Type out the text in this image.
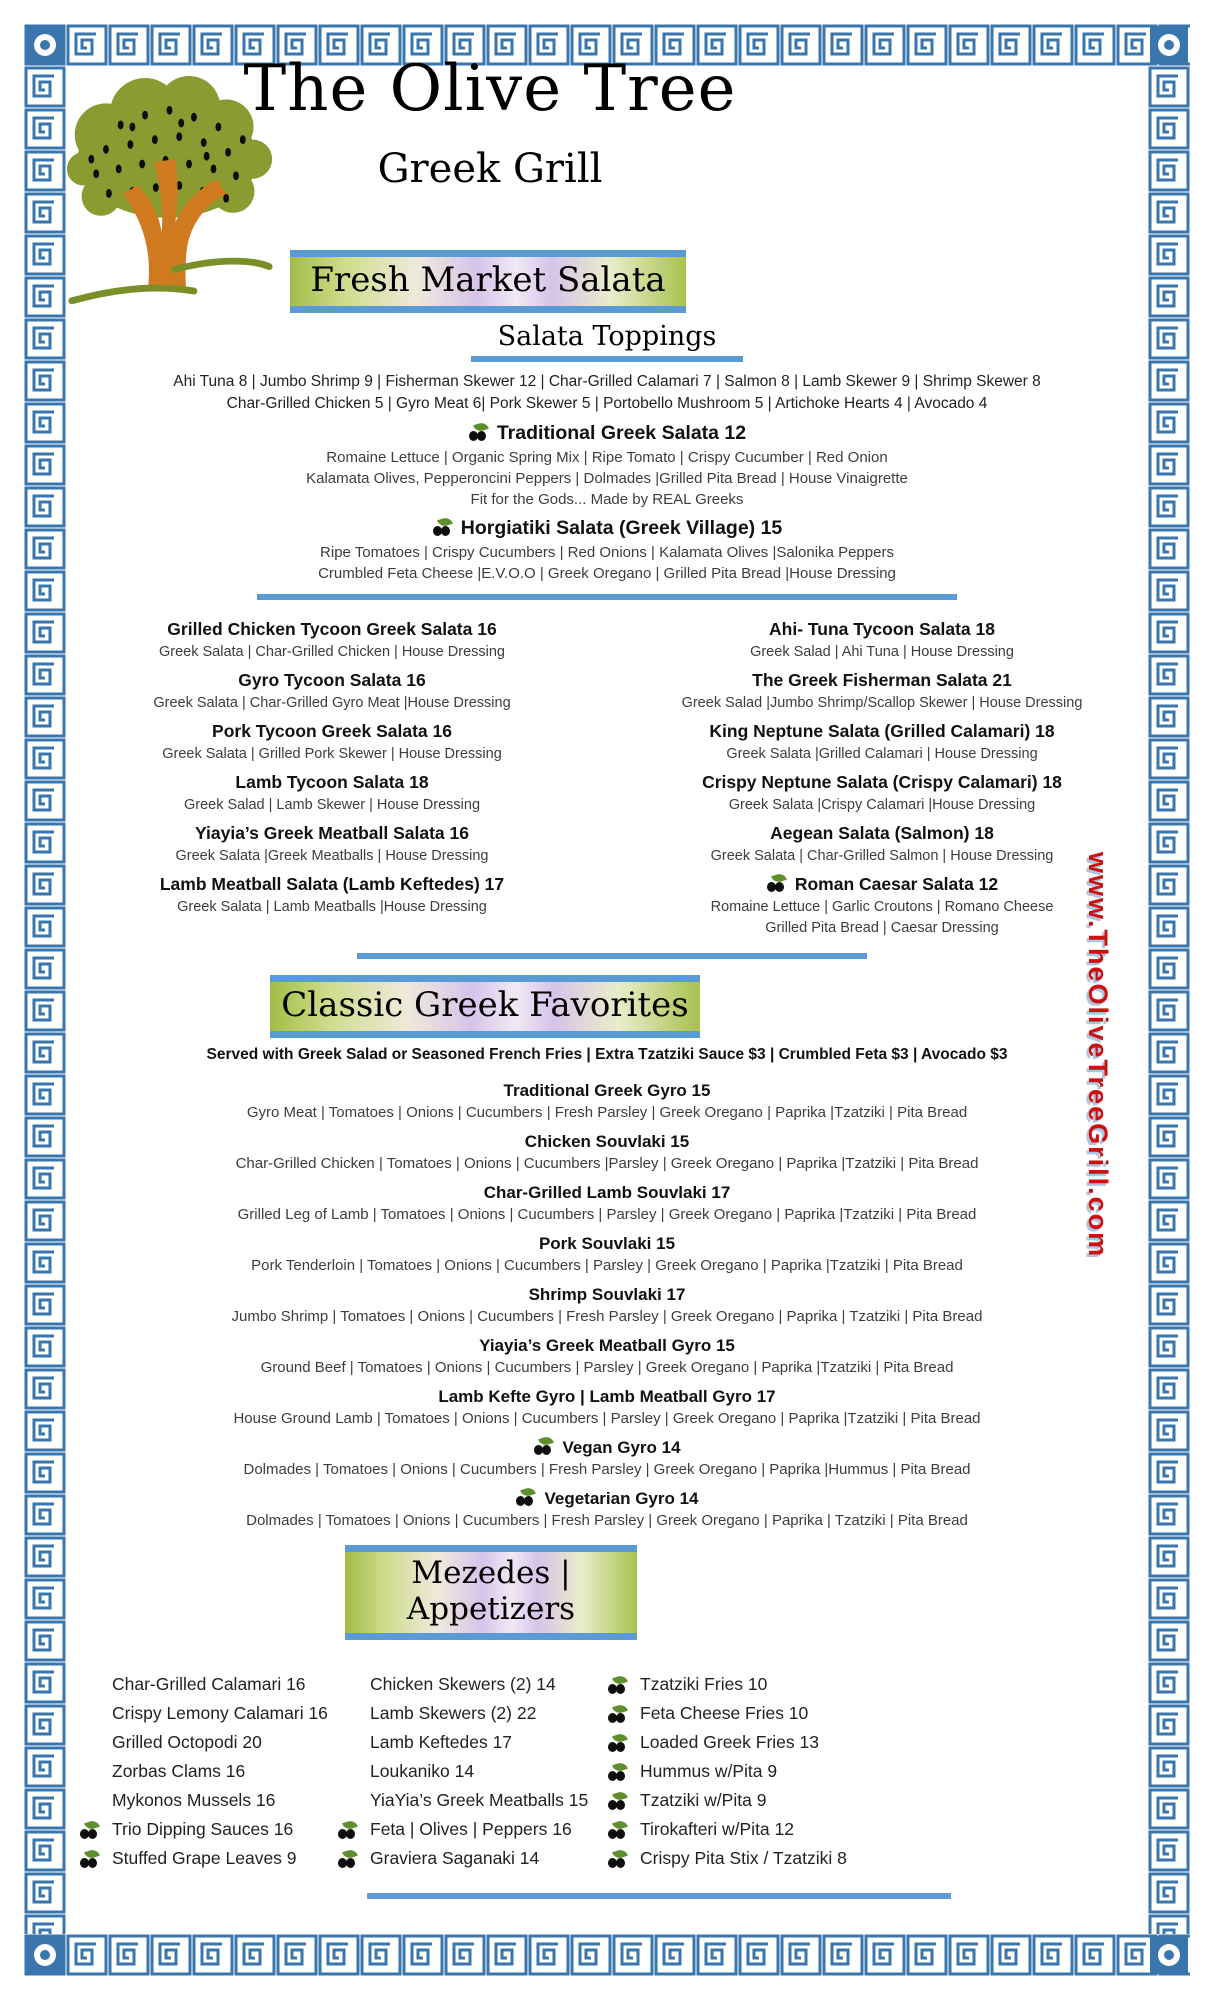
The Olive Tree
Greek Grill
www.TheOliveTreeGrill.com
Fresh Market Salata
Salata Toppings
Ahi Tuna 8 | Jumbo Shrimp 9 | Fisherman Skewer 12 | Char-Grilled Calamari 7 | Salmon 8 | Lamb Skewer 9 | Shrimp Skewer 8
Char-Grilled Chicken 5 | Gyro Meat 6| Pork Skewer 5 | Portobello Mushroom 5 | Artichoke Hearts 4 | Avocado 4
Traditional Greek Salata 12
Romaine Lettuce | Organic Spring Mix | Ripe Tomato | Crispy Cucumber | Red Onion
Kalamata Olives, Pepperoncini Peppers | Dolmades |Grilled Pita Bread | House Vinaigrette
Fit for the Gods... Made by REAL Greeks
Horgiatiki Salata (Greek Village) 15
Ripe Tomatoes | Crispy Cucumbers | Red Onions | Kalamata Olives |Salonika Peppers
Crumbled Feta Cheese |E.V.O.O | Greek Oregano | Grilled Pita Bread |House Dressing
Grilled Chicken Tycoon Greek Salata 16
Greek Salata | Char-Grilled Chicken | House Dressing
Gyro Tycoon Salata 16
Greek Salata | Char-Grilled Gyro Meat |House Dressing
Pork Tycoon Greek Salata 16
Greek Salata | Grilled Pork Skewer | House Dressing
Lamb Tycoon Salata 18
Greek Salad | Lamb Skewer | House Dressing
Yiayia’s Greek Meatball Salata 16
Greek Salata |Greek Meatballs | House Dressing
Lamb Meatball Salata (Lamb Keftedes) 17
Greek Salata | Lamb Meatballs |House Dressing
Ahi- Tuna Tycoon Salata 18
Greek Salad | Ahi Tuna | House Dressing
The Greek Fisherman Salata 21
Greek Salad |Jumbo Shrimp/Scallop Skewer | House Dressing
King Neptune Salata (Grilled Calamari) 18
Greek Salata |Grilled Calamari | House Dressing
Crispy Neptune Salata (Crispy Calamari) 18
Greek Salata |Crispy Calamari |House Dressing
Aegean Salata (Salmon) 18
Greek Salata | Char-Grilled Salmon | House Dressing
Roman Caesar Salata 12
Romaine Lettuce | Garlic Croutons | Romano Cheese
Grilled Pita Bread | Caesar Dressing
Classic Greek Favorites
Served with Greek Salad or Seasoned French Fries | Extra Tzatziki Sauce $3 | Crumbled Feta $3 | Avocado $3
Traditional Greek Gyro 15
Gyro Meat | Tomatoes | Onions | Cucumbers | Fresh Parsley | Greek Oregano | Paprika |Tzatziki | Pita Bread
Chicken Souvlaki 15
Char-Grilled Chicken | Tomatoes | Onions | Cucumbers |Parsley | Greek Oregano | Paprika |Tzatziki | Pita Bread
Char-Grilled Lamb Souvlaki 17
Grilled Leg of Lamb | Tomatoes | Onions | Cucumbers | Parsley | Greek Oregano | Paprika |Tzatziki | Pita Bread
Pork Souvlaki 15
Pork Tenderloin | Tomatoes | Onions | Cucumbers | Parsley | Greek Oregano | Paprika |Tzatziki | Pita Bread
Shrimp Souvlaki 17
Jumbo Shrimp | Tomatoes | Onions | Cucumbers | Fresh Parsley | Greek Oregano | Paprika | Tzatziki | Pita Bread
Yiayia’s Greek Meatball Gyro 15
Ground Beef | Tomatoes | Onions | Cucumbers | Parsley | Greek Oregano | Paprika |Tzatziki | Pita Bread
Lamb Kefte Gyro | Lamb Meatball Gyro 17
House Ground Lamb | Tomatoes | Onions | Cucumbers | Parsley | Greek Oregano | Paprika |Tzatziki | Pita Bread
Vegan Gyro 14
Dolmades | Tomatoes | Onions | Cucumbers | Fresh Parsley | Greek Oregano | Paprika |Hummus | Pita Bread
Vegetarian Gyro 14
Dolmades | Tomatoes | Onions | Cucumbers | Fresh Parsley | Greek Oregano | Paprika | Tzatziki | Pita Bread
Mezedes | Appetizers
Char-Grilled Calamari 16
Crispy Lemony Calamari 16
Grilled Octopodi 20
Zorbas Clams 16
Mykonos Mussels 16
Trio Dipping Sauces 16
Stuffed Grape Leaves 9
Chicken Skewers (2) 14
Lamb Skewers (2) 22
Lamb Keftedes 17
Loukaniko 14
YiaYia’s Greek Meatballs 15
Feta | Olives | Peppers 16
Graviera Saganaki 14
Tzatziki Fries 10
Feta Cheese Fries 10
Loaded Greek Fries 13
Hummus w/Pita 9
Tzatziki w/Pita 9
Tirokafteri w/Pita 12
Crispy Pita Stix / Tzatziki 8
